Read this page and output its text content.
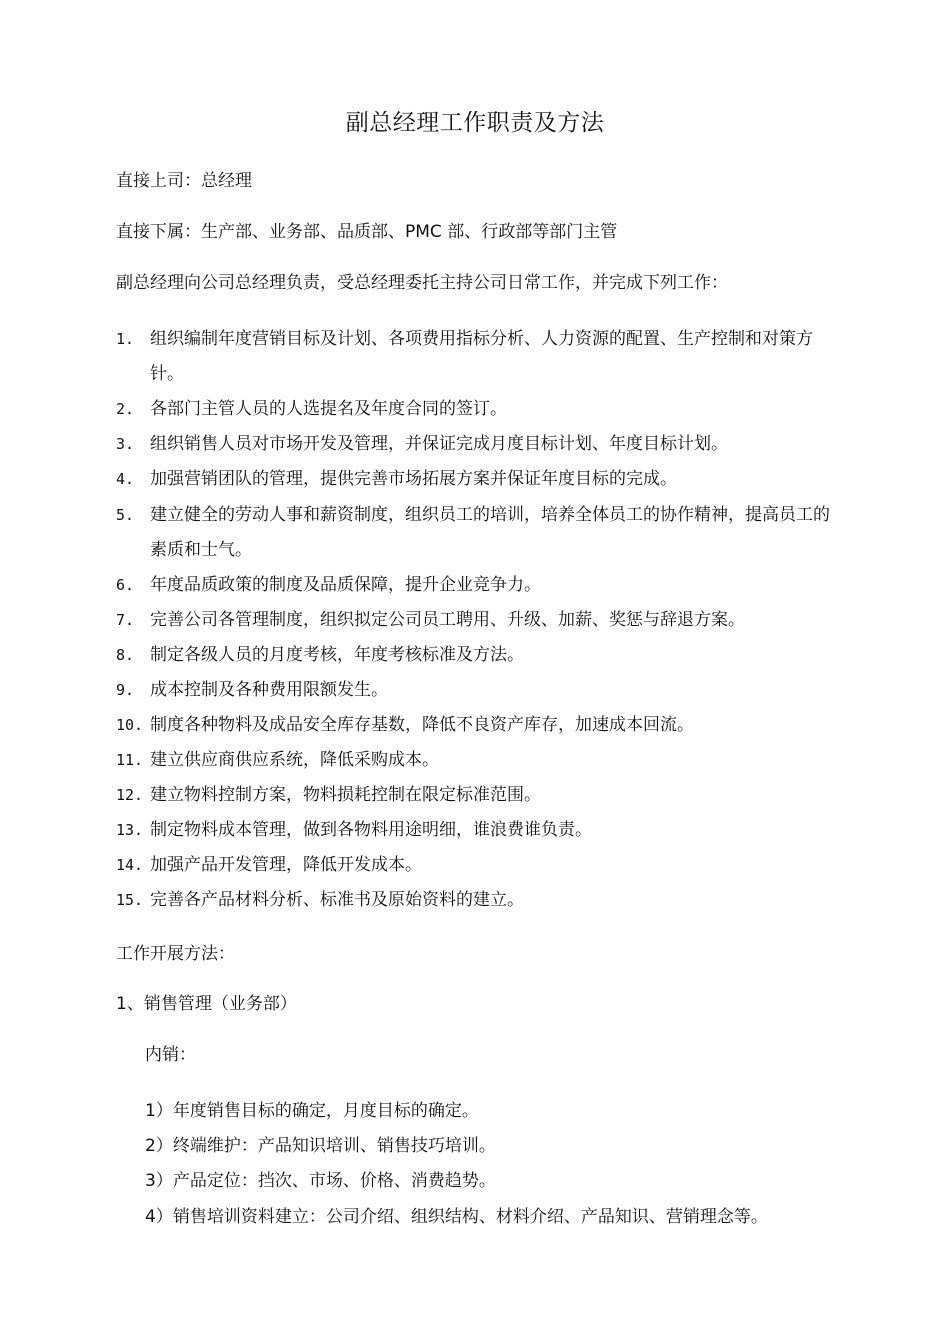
副总经理工作职责及方法
直接上司：总经理
直接下属：生产部、业务部、品质部、PMC 部、行政部等部门主管
副总经理向公司总经理负责，受总经理委托主持公司日常工作，并完成下列工作：
1. 组织编制年度营销目标及计划、各项费用指标分析、人力资源的配置、生产控制和对策方针。
2. 各部门主管人员的人选提名及年度合同的签订。
3. 组织销售人员对市场开发及管理，并保证完成月度目标计划、年度目标计划。
4. 加强营销团队的管理，提供完善市场拓展方案并保证年度目标的完成。
5. 建立健全的劳动人事和薪资制度，组织员工的培训，培养全体员工的协作精神，提高员工的素质和士气。
6. 年度品质政策的制度及品质保障，提升企业竞争力。
7. 完善公司各管理制度，组织拟定公司员工聘用、升级、加薪、奖惩与辞退方案。
8. 制定各级人员的月度考核，年度考核标准及方法。
9. 成本控制及各种费用限额发生。
10. 制度各种物料及成品安全库存基数，降低不良资产库存，加速成本回流。
11. 建立供应商供应系统，降低采购成本。
12. 建立物料控制方案，物料损耗控制在限定标准范围。
13. 制定物料成本管理，做到各物料用途明细，谁浪费谁负责。
14. 加强产品开发管理，降低开发成本。
15. 完善各产品材料分析、标准书及原始资料的建立。
工作开展方法：
1、销售管理（业务部）
内销：
1）年度销售目标的确定，月度目标的确定。
2）终端维护：产品知识培训、销售技巧培训。
3）产品定位：挡次、市场、价格、消费趋势。
4）销售培训资料建立：公司介绍、组织结构、材料介绍、产品知识、营销理念等。
